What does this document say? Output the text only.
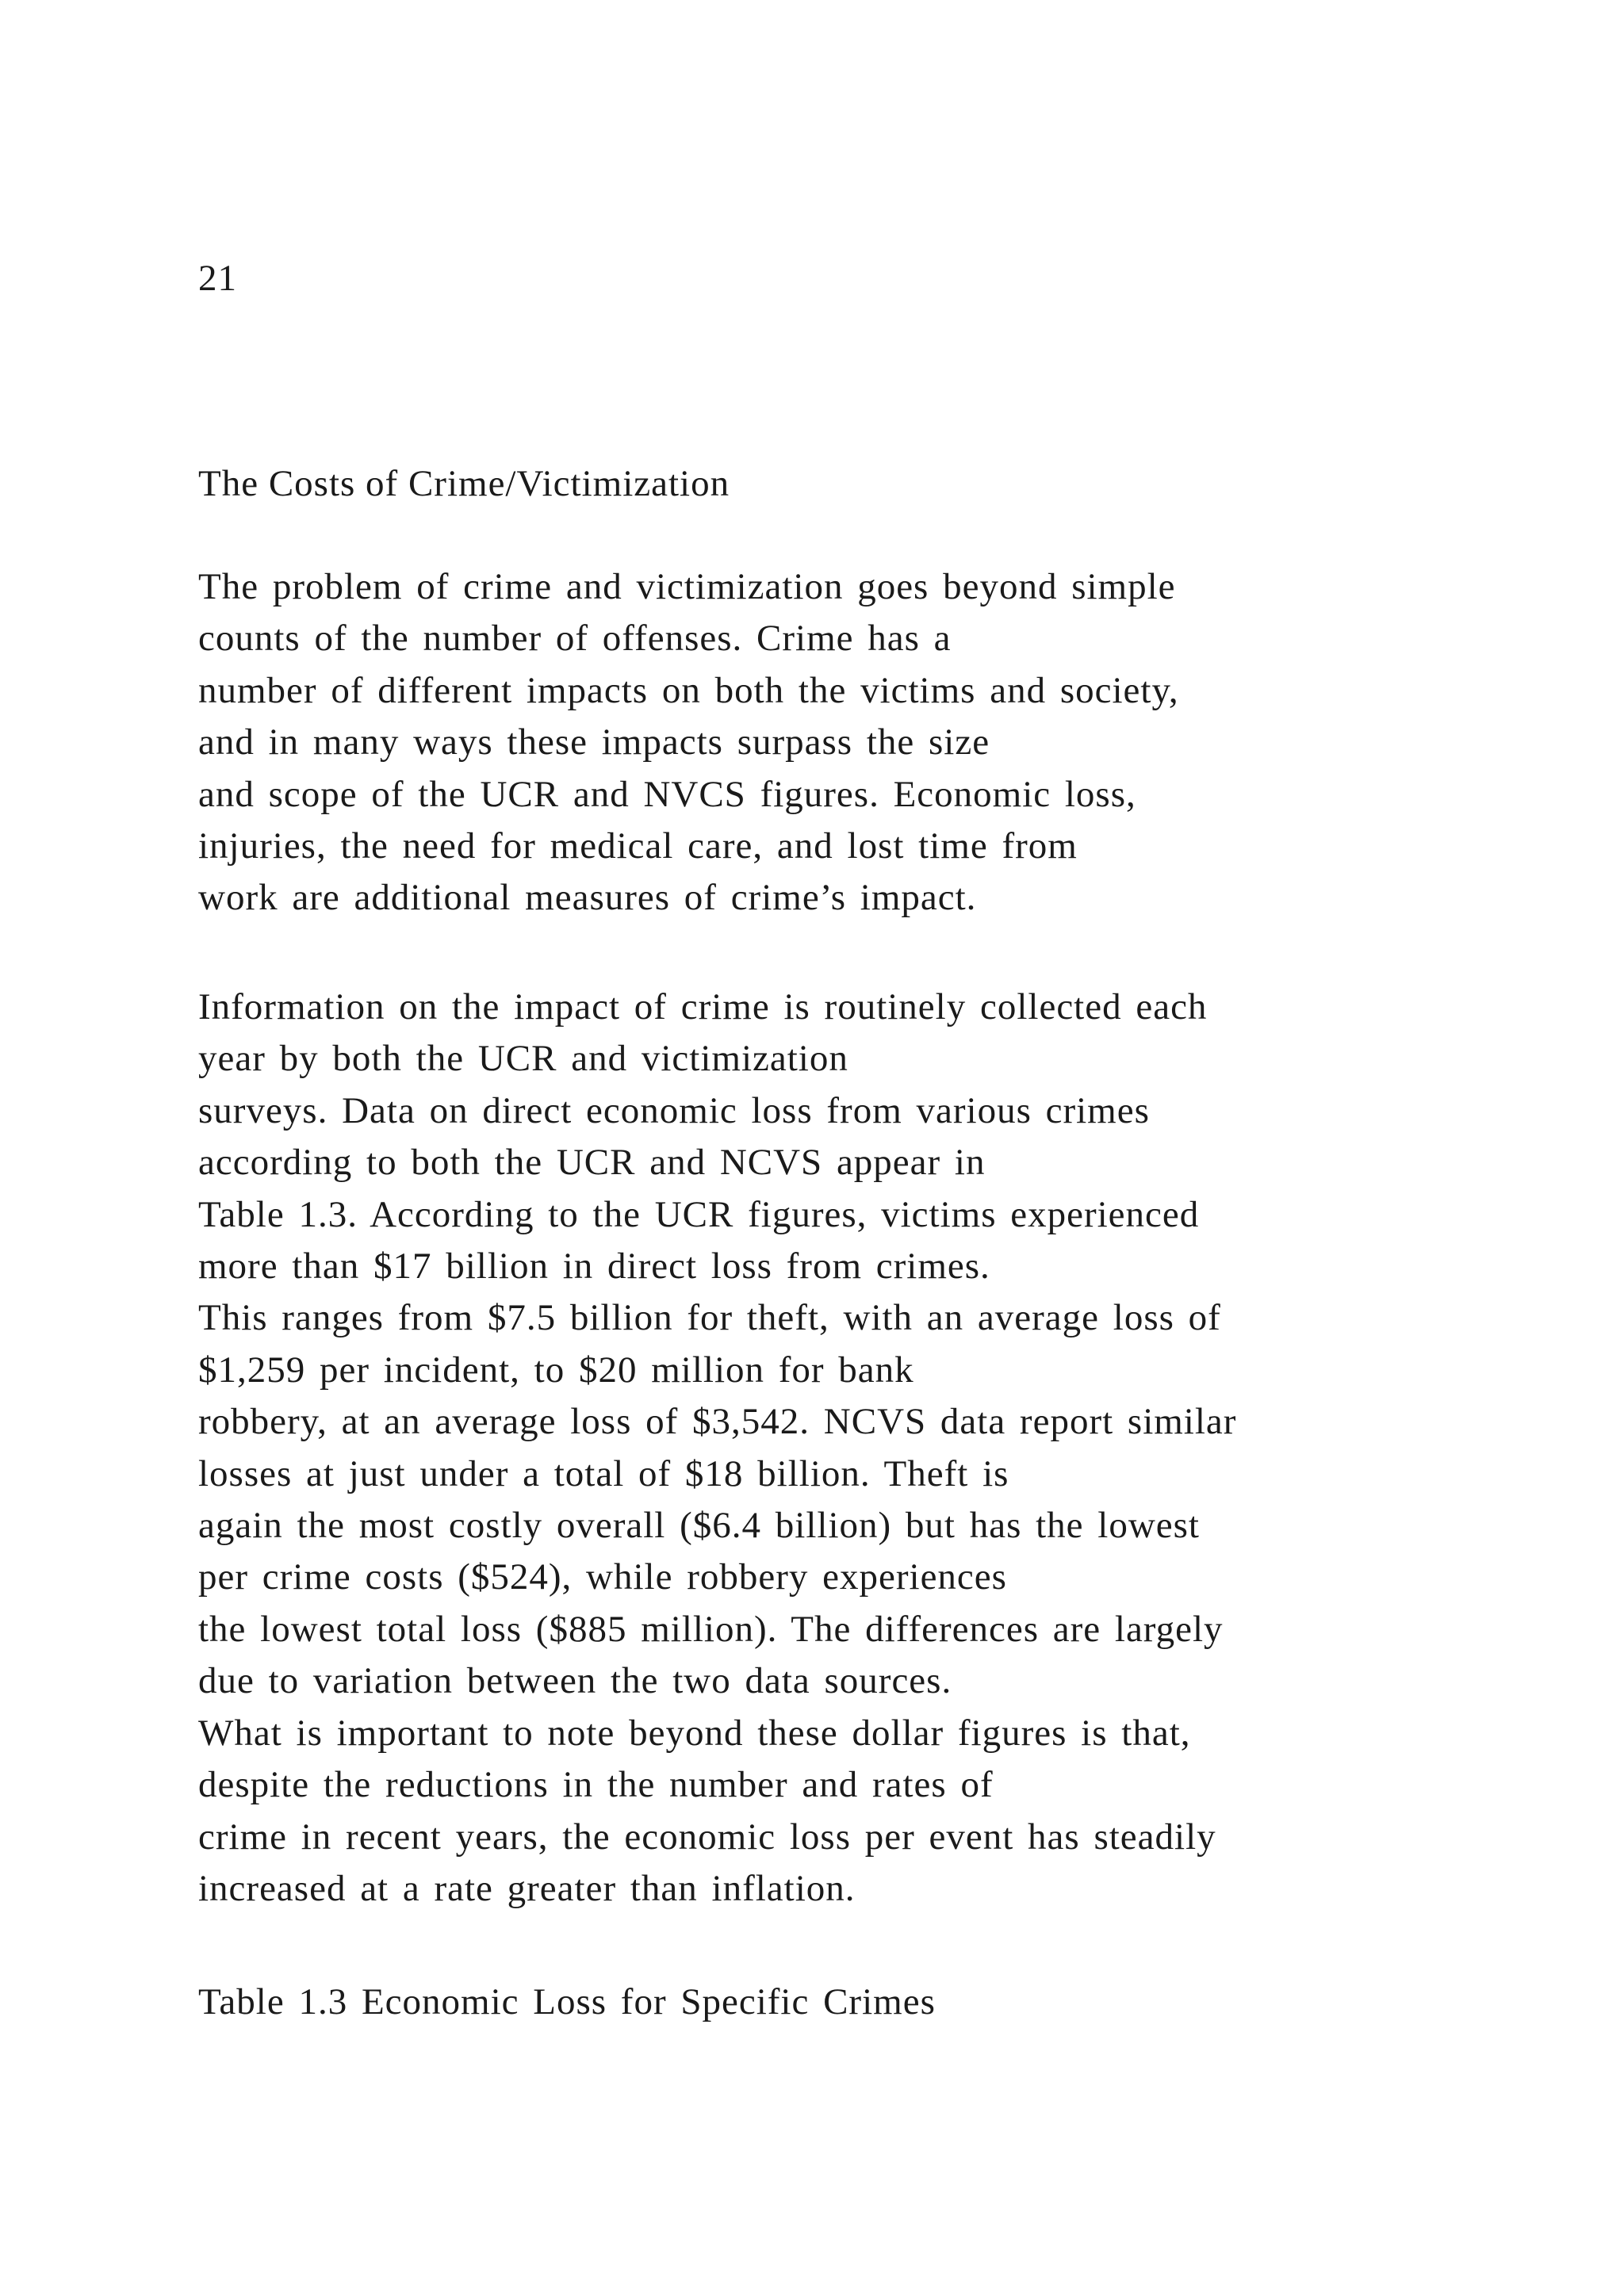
21
The Costs of Crime/Victimization
The problem of crime and victimization goes beyond simple
counts of the number of offenses. Crime has a
number of different impacts on both the victims and society,
and in many ways these impacts surpass the size
and scope of the UCR and NVCS figures. Economic loss,
injuries, the need for medical care, and lost time from
work are additional measures of crime’s impact.
Information on the impact of crime is routinely collected each
year by both the UCR and victimization
surveys. Data on direct economic loss from various crimes
according to both the UCR and NCVS appear in
Table 1.3. According to the UCR figures, victims experienced
more than $17 billion in direct loss from crimes.
This ranges from $7.5 billion for theft, with an average loss of
$1,259 per incident, to $20 million for bank
robbery, at an average loss of $3,542. NCVS data report similar
losses at just under a total of $18 billion. Theft is
again the most costly overall ($6.4 billion) but has the lowest
per crime costs ($524), while robbery experiences
the lowest total loss ($885 million). The differences are largely
due to variation between the two data sources.
What is important to note beyond these dollar figures is that,
despite the reductions in the number and rates of
crime in recent years, the economic loss per event has steadily
increased at a rate greater than inflation.
Table 1.3 Economic Loss for Specific Crimes
